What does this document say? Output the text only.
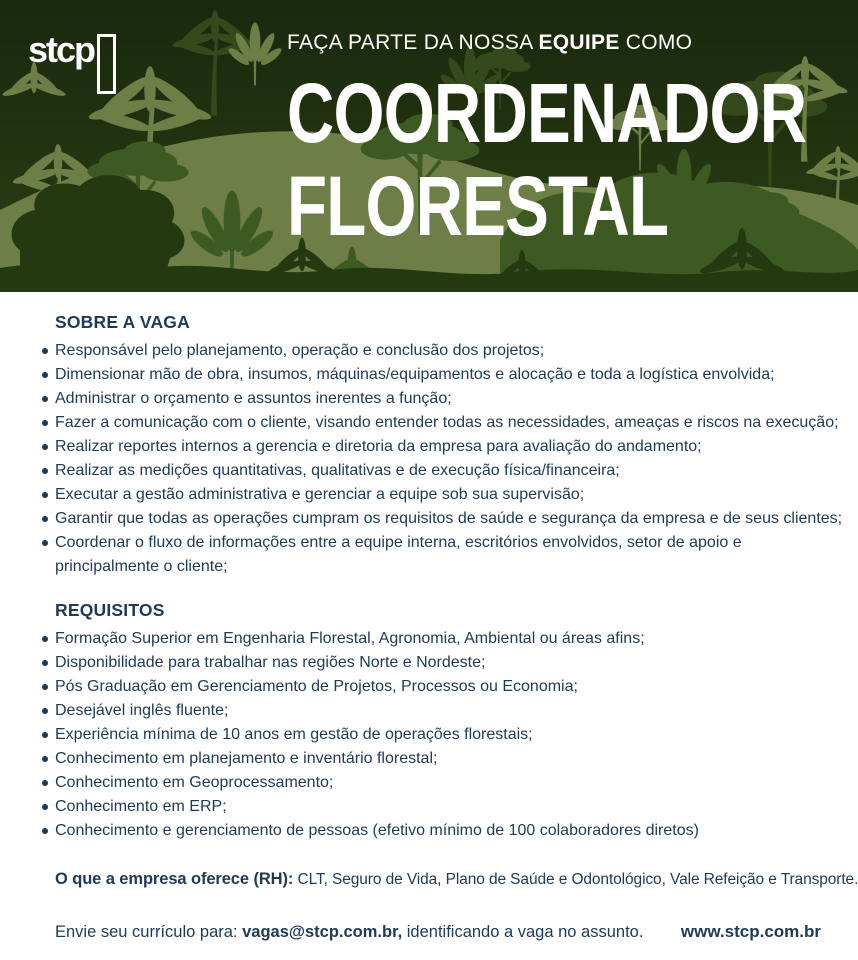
stcp	FAÇA PARTE DA NOSSA EQUIPE COMO
COORDENADOR
FLORESTAL
SOBRE A VAGA
Responsável pelo planejamento, operação e conclusão dos projetos;
Dimensionar mão de obra, insumos, máquinas/equipamentos e alocação e toda a logística envolvida;
Administrar o orçamento e assuntos inerentes a função;
Fazer a comunicação com o cliente, visando entender todas as necessidades, ameaças e riscos na execução;
Realizar reportes internos a gerencia e diretoria da empresa para avaliação do andamento;
Realizar as medições quantitativas, qualitativas e de execução física/financeira;
Executar a gestão administrativa e gerenciar a equipe sob sua supervisão;
Garantir que todas as operações cumpram os requisitos de saúde e segurança da empresa e de seus clientes;
Coordenar o fluxo de informações entre a equipe interna, escritórios envolvidos, setor de apoio e principalmente o cliente;
REQUISITOS
Formação Superior em Engenharia Florestal, Agronomia, Ambiental ou áreas afins;
Disponibilidade para trabalhar nas regiões Norte e Nordeste;
Pós Graduação em Gerenciamento de Projetos, Processos ou Economia;
Desejável inglês fluente;
Experiência mínima de 10 anos em gestão de operações florestais;
Conhecimento em planejamento e inventário florestal;
Conhecimento em Geoprocessamento;
Conhecimento em ERP;
Conhecimento e gerenciamento de pessoas (efetivo mínimo de 100 colaboradores diretos)

O que a empresa oferece (RH): CLT, Seguro de Vida, Plano de Saúde e Odontológico, Vale Refeição e Transporte.

Envie seu currículo para: vagas@stcp.com.br, identificando a vaga no assunto. www.stcp.com.br
